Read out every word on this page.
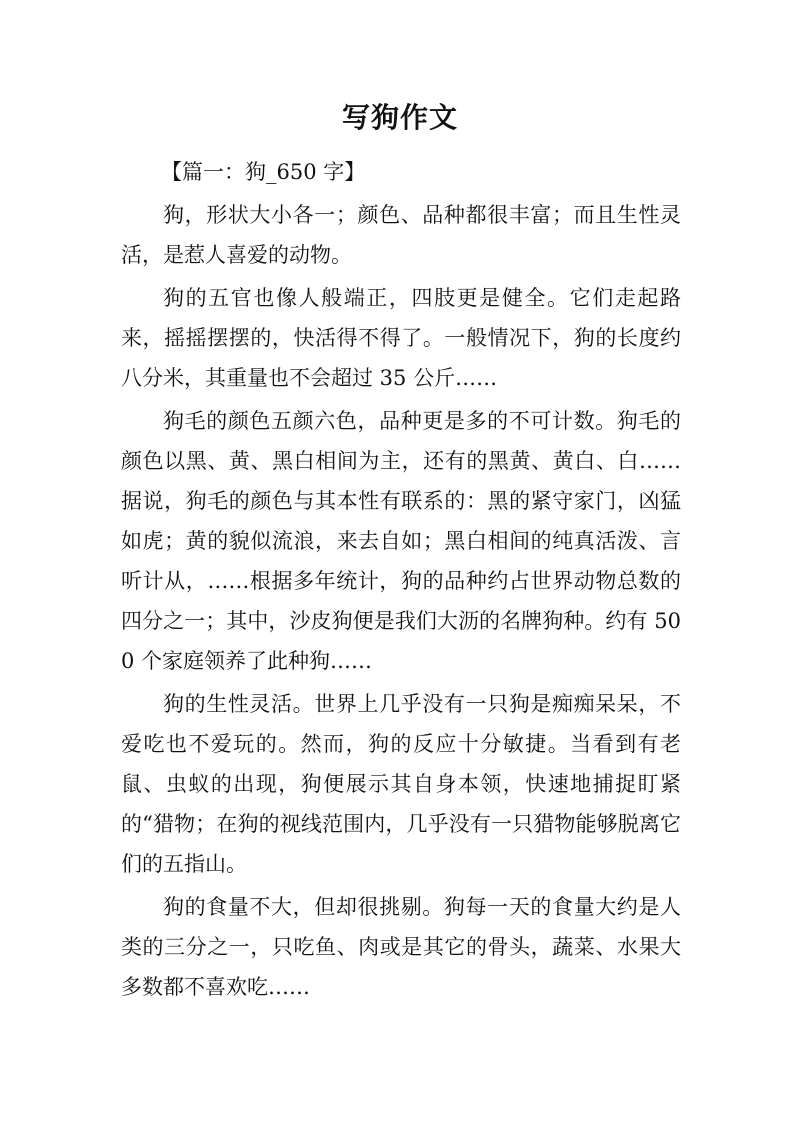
写狗作文

【篇一：狗_650 字】

狗，形状大小各一；颜色、品种都很丰富；而且生性灵活，是惹人喜爱的动物。

狗的五官也像人般端正，四肢更是健全。它们走起路来，摇摇摆摆的，快活得不得了。一般情况下，狗的长度约八分米，其重量也不会超过 35 公斤……

狗毛的颜色五颜六色，品种更是多的不可计数。狗毛的颜色以黑、黄、黑白相间为主，还有的黑黄、黄白、白……据说，狗毛的颜色与其本性有联系的：黑的紧守家门，凶猛如虎；黄的貌似流浪，来去自如；黑白相间的纯真活泼、言听计从，……根据多年统计，狗的品种约占世界动物总数的四分之一；其中，沙皮狗便是我们大沥的名牌狗种。约有 500 个家庭领养了此种狗……

狗的生性灵活。世界上几乎没有一只狗是痴痴呆呆，不爱吃也不爱玩的。然而，狗的反应十分敏捷。当看到有老鼠、虫蚁的出现，狗便展示其自身本领，快速地捕捉盯紧的“猎物；在狗的视线范围内，几乎没有一只猎物能够脱离它们的五指山。

狗的食量不大，但却很挑剔。狗每一天的食量大约是人类的三分之一，只吃鱼、肉或是其它的骨头，蔬菜、水果大多数都不喜欢吃……
